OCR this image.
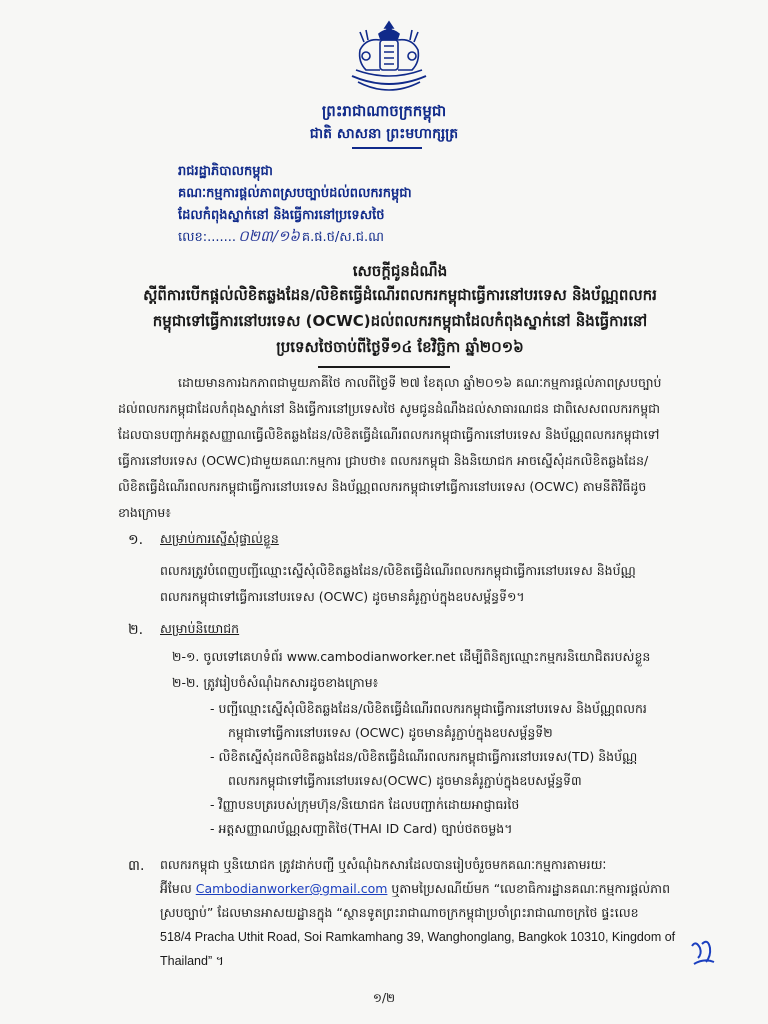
ព្រះរាជាណាចក្រកម្ពុជា
ជាតិ សាសនា ព្រះមហាក្សត្រ
រាជរដ្ឋាភិបាលកម្ពុជា
គណៈកម្មការផ្តល់ភាពស្របច្បាប់ដល់ពលករកម្ពុជា
ដែលកំពុងស្នាក់នៅ និងធ្វើការនៅប្រទេសថៃ
លេខ:....... ០២៣/១៦ គ.ផ.ថ/ស.ជ.ណ
សេចក្តីជូនដំណឹង
ស្តីពីការបើកផ្តល់លិខិតឆ្លងដែន/លិខិតធ្វើដំណើរពលករកម្ពុជាធ្វើការនៅបរទេស និងប័ណ្ណពលករ
កម្ពុជាទៅធ្វើការនៅបរទេស (OCWC)ដល់ពលករកម្ពុជាដែលកំពុងស្នាក់នៅ និងធ្វើការនៅ
ប្រទេសថៃចាប់ពីថ្ងៃទី១៤ ខែវិច្ឆិកា ឆ្នាំ២០១៦
ដោយមានការឯកភាពជាមួយភាគីថៃ កាលពីថ្ងៃទី ២៧ ខែតុលា ឆ្នាំ២០១៦ គណៈកម្មការផ្តល់ភាពស្របច្បាប់
ដល់ពលករកម្ពុជាដែលកំពុងស្នាក់នៅ និងធ្វើការនៅប្រទេសថៃ សូមជូនដំណឹងដល់សាធារណជន ជាពិសេសពលករកម្ពុជា
ដែលបានបញ្ជាក់អត្តសញ្ញាណធ្វើលិខិតឆ្លងដែន/លិខិតធ្វើដំណើរពលករកម្ពុជាធ្វើការនៅបរទេស និងប័ណ្ណពលករកម្ពុជាទៅ
ធ្វើការនៅបរទេស (OCWC)ជាមួយគណៈកម្មការ ជ្រាបថា៖ ពលករកម្ពុជា និងនិយោជក អាចស្នើសុំដកលិខិតឆ្លងដែន/
លិខិតធ្វើដំណើរពលករកម្ពុជាធ្វើការនៅបរទេស និងប័ណ្ណពលករកម្ពុជាទៅធ្វើការនៅបរទេស (OCWC) តាមនីតិវិធីដូច
ខាងក្រោម៖
១. សម្រាប់ការស្នើសុំផ្ទាល់ខ្លួន
ពលករត្រូវបំពេញបញ្ជីឈ្មោះស្នើសុំលិខិតឆ្លងដែន/លិខិតធ្វើដំណើរពលករកម្ពុជាធ្វើការនៅបរទេស និងប័ណ្ណ
ពលករកម្ពុជាទៅធ្វើការនៅបរទេស (OCWC) ដូចមានគំរូភ្ជាប់ក្នុងឧបសម្ព័ន្ធទី១។
២. សម្រាប់និយោជក
២-១. ចូលទៅគេហទំព័រ www.cambodianworker.net ដើម្បីពិនិត្យឈ្មោះកម្មករនិយោជិតរបស់ខ្លួន
២-២. ត្រូវរៀបចំសំណុំឯកសារដូចខាងក្រោម៖
- បញ្ជីឈ្មោះស្នើសុំលិខិតឆ្លងដែន/លិខិតធ្វើដំណើរពលករកម្ពុជាធ្វើការនៅបរទេស និងប័ណ្ណពលករ
កម្ពុជាទៅធ្វើការនៅបរទេស (OCWC) ដូចមានគំរូភ្ជាប់ក្នុងឧបសម្ព័ន្ធទី២
- លិខិតស្នើសុំដកលិខិតឆ្លងដែន/លិខិតធ្វើដំណើរពលករកម្ពុជាធ្វើការនៅបរទេស(TD) និងប័ណ្ណ
ពលករកម្ពុជាទៅធ្វើការនៅបរទេស(OCWC) ដូចមានគំរូភ្ជាប់ក្នុងឧបសម្ព័ន្ធទី៣
- វិញ្ញាបនបត្ររបស់ក្រុមហ៊ុន/និយោជក ដែលបញ្ជាក់ដោយអាជ្ញាធរថៃ
- អត្តសញ្ញាណប័ណ្ណសញ្ជាតិថៃ(THAI ID Card) ច្បាប់ថតចម្លង។
៣. ពលករកម្ពុជា ឬនិយោជក ត្រូវដាក់បញ្ជី ឬសំណុំឯកសារដែលបានរៀបចំរួចមកគណៈកម្មការតាមរយៈ
អ៊ីមែល Cambodianworker@gmail.com ឬតាមប្រៃសណីយ៍មក “លេខាធិការដ្ឋានគណៈកម្មការផ្តល់ភាព
ស្របច្បាប់” ដែលមានអាសយដ្ឋានក្នុង “ស្ថានទូតព្រះរាជាណាចក្រកម្ពុជាប្រចាំព្រះរាជាណាចក្រថៃ ផ្ទះលេខ
518/4 Pracha Uthit Road, Soi Ramkamhang 39, Wanghonglang, Bangkok 10310, Kingdom of
Thailand” ។
១/២
